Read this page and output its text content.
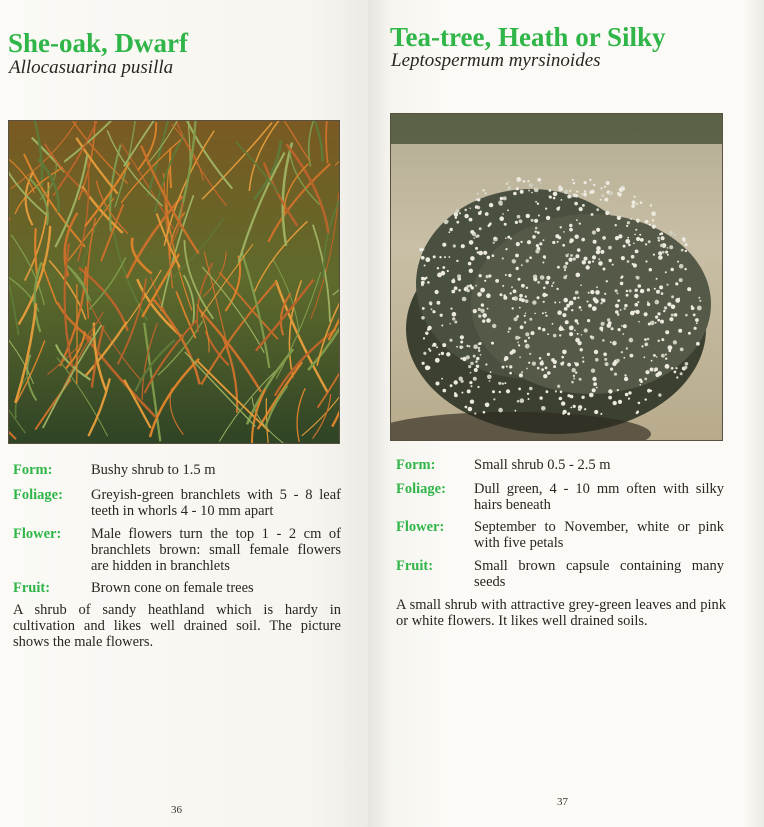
She-oak, Dwarf

Allocasuarina pusilla

Form:	Bushy shrub to 1.5 m
Foliage: Greyish-green branchlets with 5 - 8 leaf teeth in whorls 4 - 10 mm apart
Flower: Male flowers turn the top 1 - 2 cm of branchlets brown: small female flowers are hidden in branchlets
Fruit:	Brown cone on female trees

A shrub of sandy heathland which is hardy in cultivation and likes well drained soil. The picture shows the male flowers.

36
Tea-tree, Heath or Silky

Leptospermum myrsinoides

Form:	Small shrub 0.5 - 2.5 m
Foliage: Dull green, 4 - 10 mm often with silky hairs beneath
Flower: September to November, white or pink with five petals
Fruit:	Small brown capsule containing many seeds

A small shrub with attractive grey-green leaves and pink or white flowers. It likes well drained soils.

37
